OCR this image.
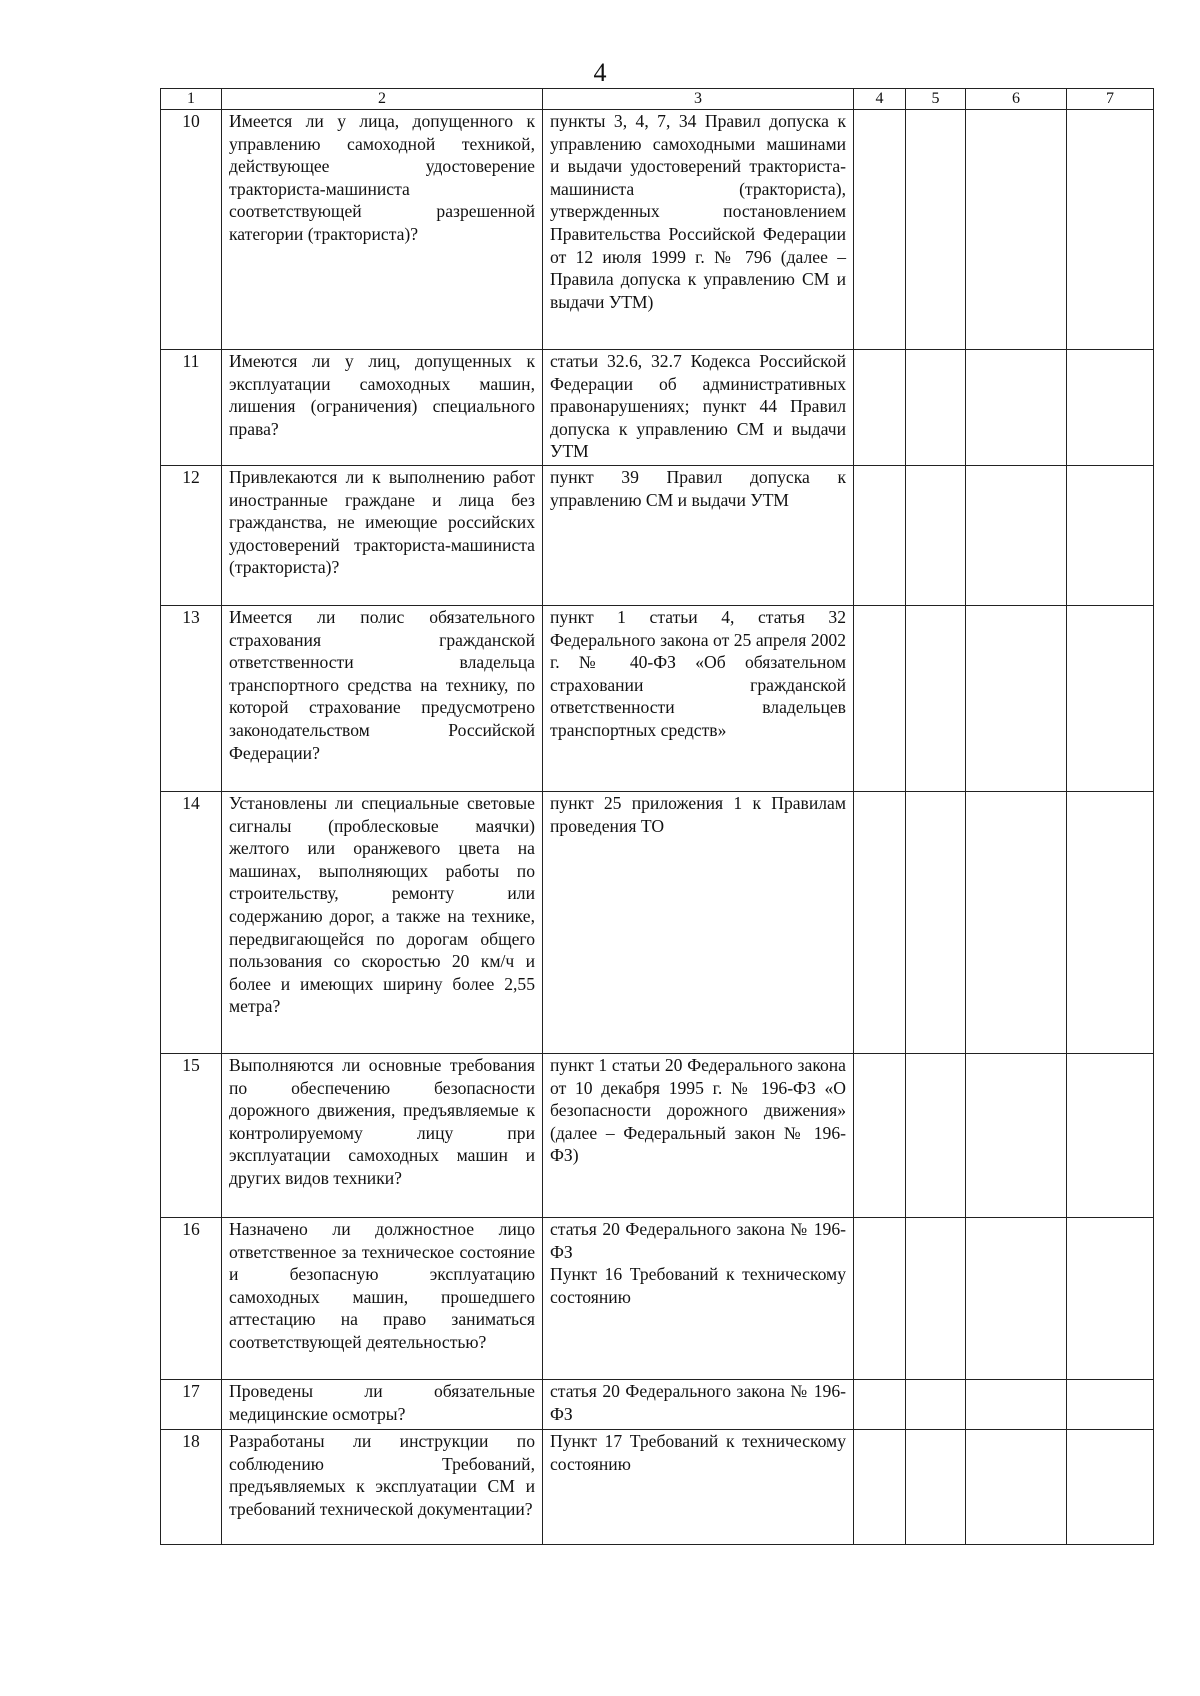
4
1	2	3	4	5	6	7
10	Имеется ли у лица, допущенного к управлению самоходной техникой, действующее удостоверение тракториста-машиниста соответствующей разрешенной категории (тракториста)?	пункты 3, 4, 7, 34 Правил допуска к управлению самоходными машинами и выдачи удостоверений тракториста-машиниста (тракториста), утвержденных постановлением Правительства Российской Федерации от 12 июля 1999 г. № 796 (далее – Правила допуска к управлению СМ и выдачи УТМ)				
11	Имеются ли у лиц, допущенных к эксплуатации самоходных машин, лишения (ограничения) специального права?	статьи 32.6, 32.7 Кодекса Российской Федерации об административных правонарушениях; пункт 44 Правил допуска к управлению СМ и выдачи УТМ				
12	Привлекаются ли к выполнению работ иностранные граждане и лица без гражданства, не имеющие российских удостоверений тракториста-машиниста (тракториста)?	пункт 39 Правил допуска к управлению СМ и выдачи УТМ				
13	Имеется ли полис обязательного страхования гражданской ответственности владельца транспортного средства на технику, по которой страхование предусмотрено законодательством Российской Федерации?	пункт 1 статьи 4, статья 32 Федерального закона от 25 апреля 2002 г. № 40-ФЗ «Об обязательном страховании гражданской ответственности владельцев транспортных средств»				
14	Установлены ли специальные световые сигналы (проблесковые маячки) желтого или оранжевого цвета на машинах, выполняющих работы по строительству, ремонту или содержанию дорог, а также на технике, передвигающейся по дорогам общего пользования со скоростью 20 км/ч и более и имеющих ширину более 2,55 метра?	пункт 25 приложения 1 к Правилам проведения ТО				
15	Выполняются ли основные требования по обеспечению безопасности дорожного движения, предъявляемые к контролируемому лицу при эксплуатации самоходных машин и других видов техники?	пункт 1 статьи 20 Федерального закона от 10 декабря 1995 г. № 196-ФЗ «О безопасности дорожного движения» (далее – Федеральный закон № 196-ФЗ)				
16	Назначено ли должностное лицо ответственное за техническое состояние и безопасную эксплуатацию самоходных машин, прошедшего аттестацию на право заниматься соответствующей деятельностью?	статья 20 Федерального закона № 196-ФЗ
Пункт 16 Требований к техническому состоянию				
17	Проведены ли обязательные медицинские осмотры?	статья 20 Федерального закона № 196-ФЗ				
18	Разработаны ли инструкции по соблюдению Требований, предъявляемых к эксплуатации СМ и требований технической документации?	Пункт 17 Требований к техническому состоянию				
